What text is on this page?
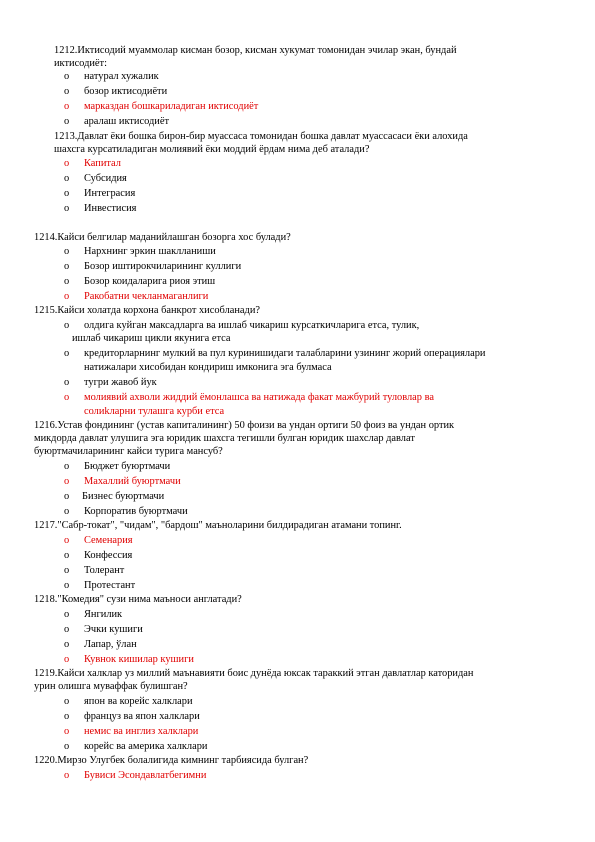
1212.Иктисодий муаммолар кисман бозор, кисман хукумат томонидан эчилар экан, бундай
иктисодиёт:
o натурал хужалик
o бозор иктисодиёти
o марказдан бошкариладиган иктисодиёт
o аралаш иктисодиёт
1213.Давлат ёки бошка бирон-бир муассаса томонидан бошка давлат муассасаси ёки алохида
шахсга курсатиладиган молиявий ёки моддий ёрдам нима деб аталади?
o Капитал
o Субсидия
o Интеграсия
o Инвестисия
1214.Кайси белгилар маданийлашган бозорга хос булади?
o Нархнинг эркин шаклланиши
o Бозор иштирокчиларининг куллиги
o Бозор коидаларига риоя этиш
o Ракобатни чекланмаганлиги
1215.Кайси холатда корхона банкрот хисобланади?
o олдига куйган максадларга ва ишлаб чикариш курсаткичларига етса, тулик,
ишлаб чикариш цикли якунига етса
o кредиторларнинг мулкий ва пул куринишидаги талабларини узининг жорий операциялари
натижалари хисобидан кондириш имконига эга булмаса
o тугри жавоб йук
o молиявий ахволи жиддий ёмонлашса ва натижада факат мажбурий туловлар ва
солиkларни тулашга курби етса
1216.Устав фондининг (устав капиталининг) 50 фоизи ва ундан ортиги 50 фоиз ва ундан ортик
микдорда давлат улушига эга юридик шахсга тегишли булган юридик шахслар давлат
буюртмачиларининг кайси турига мансуб?
o Бюджет буюртмачи
o Махаллий буюртмачи
o Бизнес буюртмачи
o Корпоратив буюртмачи
1217."Сабр-токат", "чидам", "бардош" маъноларини билдирадиган атамани топинг.
o Семенария
o Конфессия
o Толерант
o Протестант
1218."Комедия" сузи нима маъноси англатади?
o Янгилик
o Эчки кушиги
o Лапар, ўлан
o Кувнок кишилар кушиги
1219.Кайси халклар уз миллий маънавияти боис дунёда юксак тараккий этган давлатлар каторидан
урин олишга муваффак булишган?
o япон ва корейс халклари
o француз ва япон халклари
o немис ва инглиз халклари
o корейс ва америка халклари
1220.Мирзо Улугбек болалигида кимнинг тарбиясида булган?
o Бувиси Эсондавлатбегимни
